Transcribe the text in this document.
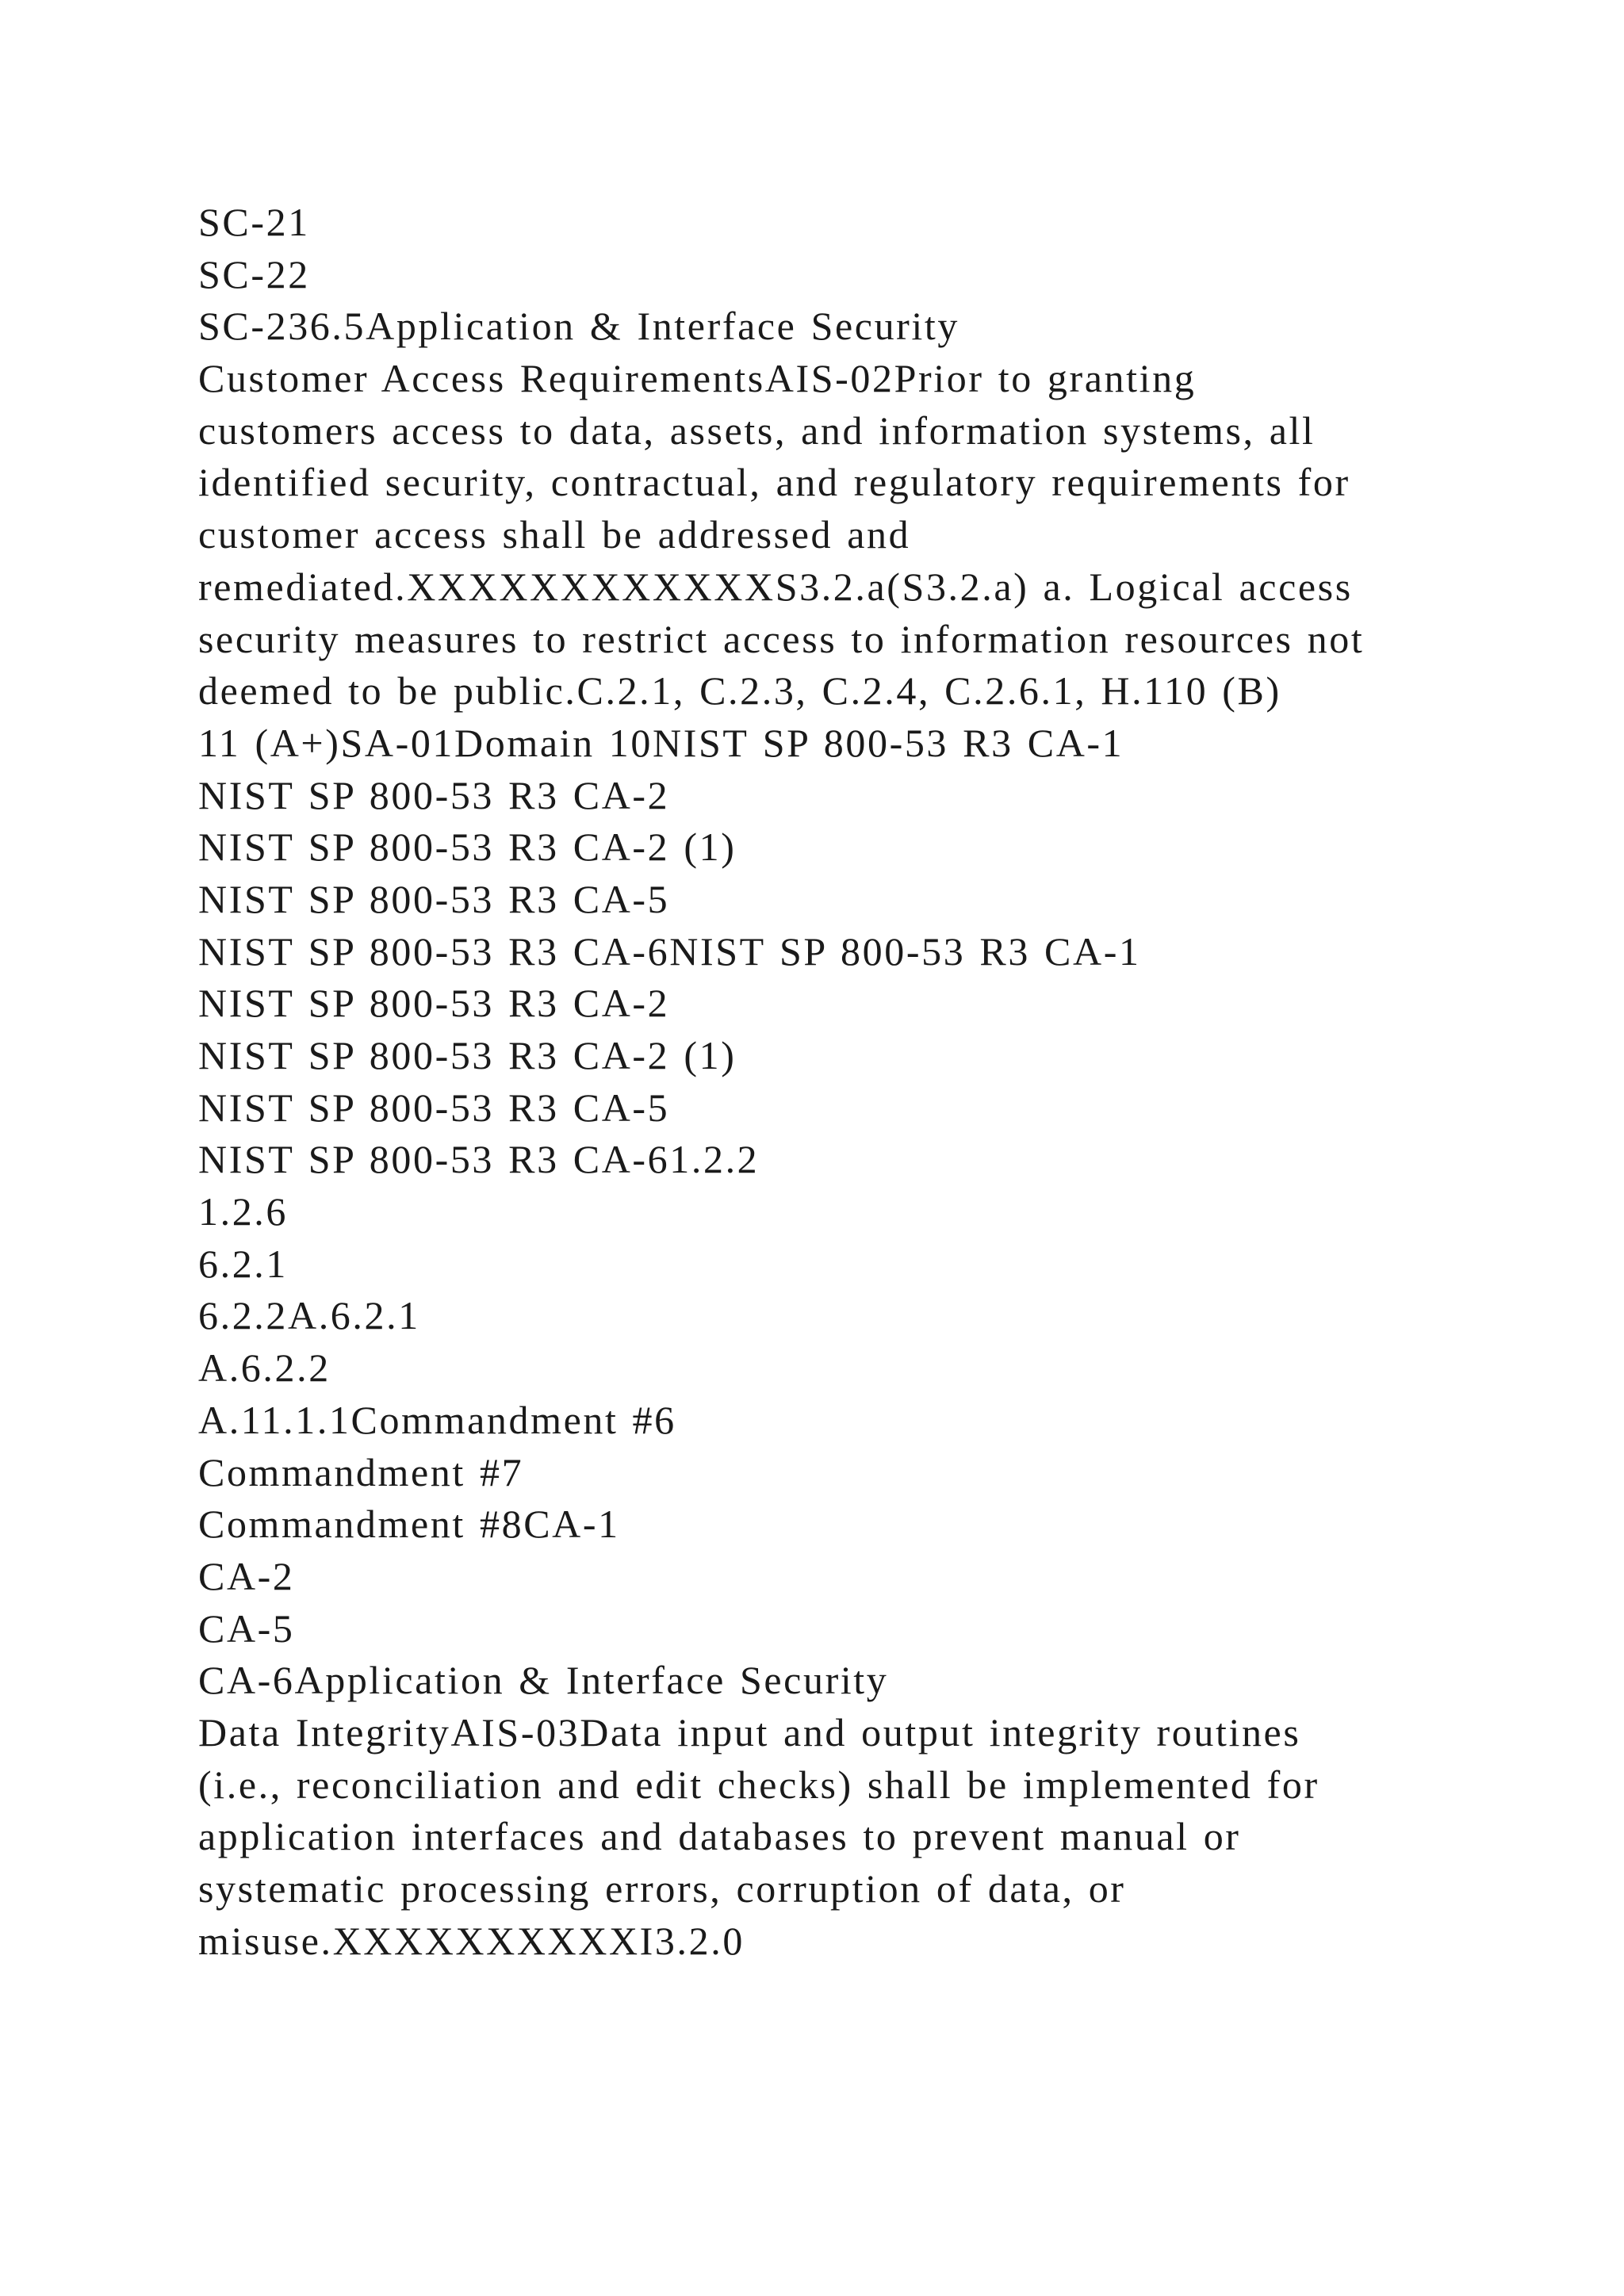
SC-21
SC-22
SC-236.5Application & Interface Security
Customer Access RequirementsAIS-02Prior to granting
customers access to data, assets, and information systems, all
identified security, contractual, and regulatory requirements for
customer access shall be addressed and
remediated.XXXXXXXXXXXXS3.2.a(S3.2.a) a. Logical access
security measures to restrict access to information resources not
deemed to be public.C.2.1, C.2.3, C.2.4, C.2.6.1, H.110 (B)
11 (A+)SA-01Domain 10NIST SP 800-53 R3 CA-1
NIST SP 800-53 R3 CA-2
NIST SP 800-53 R3 CA-2 (1)
NIST SP 800-53 R3 CA-5
NIST SP 800-53 R3 CA-6NIST SP 800-53 R3 CA-1
NIST SP 800-53 R3 CA-2
NIST SP 800-53 R3 CA-2 (1)
NIST SP 800-53 R3 CA-5
NIST SP 800-53 R3 CA-61.2.2
1.2.6
6.2.1
6.2.2A.6.2.1
A.6.2.2
A.11.1.1Commandment #6
Commandment #7
Commandment #8CA-1
CA-2
CA-5
CA-6Application & Interface Security
Data IntegrityAIS-03Data input and output integrity routines
(i.e., reconciliation and edit checks) shall be implemented for
application interfaces and databases to prevent manual or
systematic processing errors, corruption of data, or
misuse.XXXXXXXXXXI3.2.0
